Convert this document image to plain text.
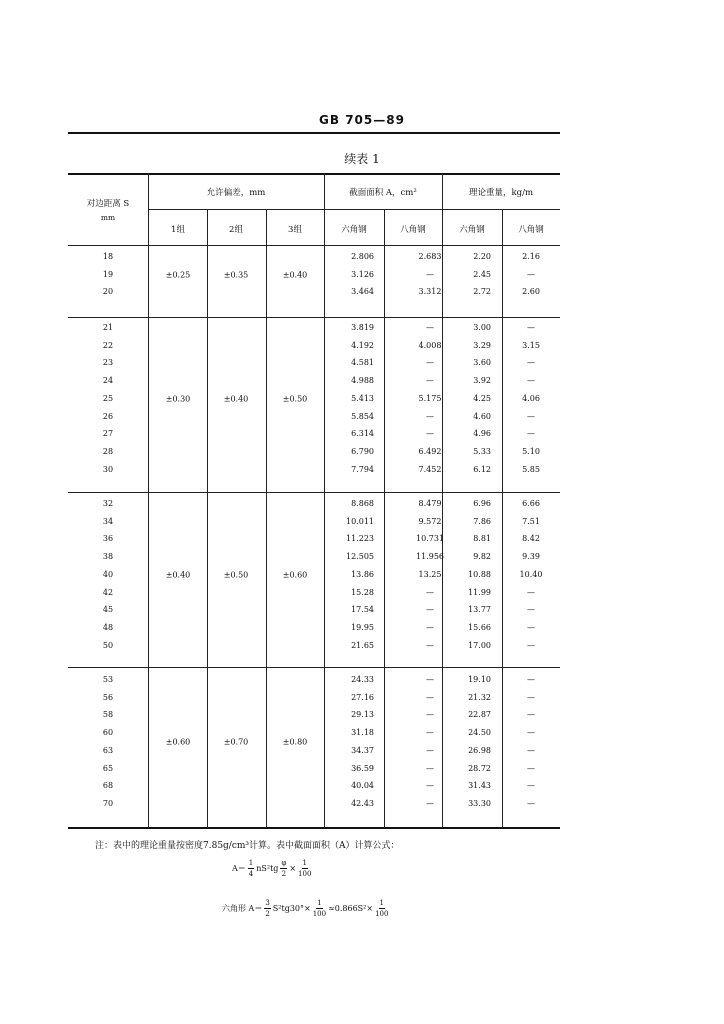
GB 705—89
续表 1
对边距离 S
mm
允许偏差，mm
1组	2组	3组
截面面积 A，cm²
六角钢	八角钢
理论重量，kg/m
六角钢	八角钢
18	2.806	2.683	2.20	2.16
19	3.126	—	2.45	—
20	3.464	3.312	2.72	2.60
±0.25	±0.35	±0.40
21	3.819	—	3.00	—
22	4.192	4.008	3.29	3.15
23	4.581	—	3.60	—
24	4.988	—	3.92	—
25	5.413	5.175	4.25	4.06
26	5.854	—	4.60	—
27	6.314	—	4.96	—
28	6.790	6.492	5.33	5.10
30	7.794	7.452	6.12	5.85
±0.30	±0.40	±0.50
32	8.868	8.479	6.96	6.66
34	10.011	9.572	7.86	7.51
36	11.223	10.731	8.81	8.42
38	12.505	11.956	9.82	9.39
40	13.86	13.25	10.88	10.40
42	15.28	—	11.99	—
45	17.54	—	13.77	—
48	19.95	—	15.66	—
50	21.65	—	17.00	—
±0.40	±0.50	±0.60
53	24.33	—	19.10	—
56	27.16	—	21.32	—
58	29.13	—	22.87	—
60	31.18	—	24.50	—
63	34.37	—	26.98	—
65	36.59	—	28.72	—
68	40.04	—	31.43	—
70	42.43	—	33.30	—
±0.60	±0.70	±0.80
注：表中的理论重量按密度7.85g/cm³计算。表中截面面积（A）计算公式：
$A= \frac{1}{4} nS^2tg \frac{\varphi}{2} \times \frac{1}{100}$
六角形 $A= \frac{3}{2} S^2tg30^\circ\times \frac{1}{100} \approx 0.866S^2\times \frac{1}{100}$
